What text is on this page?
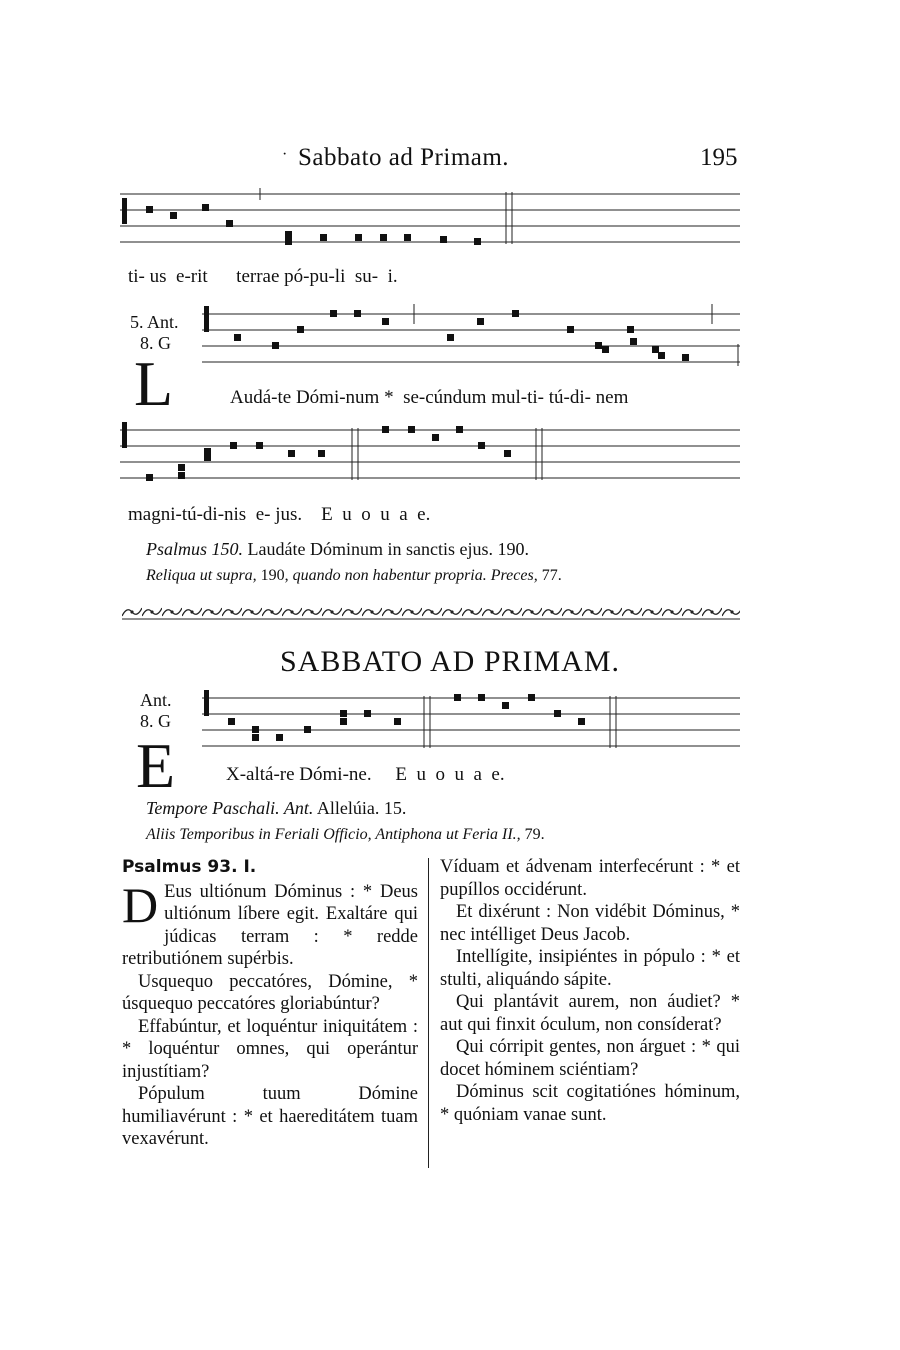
· Sabbato ad Primam.	195
ti- us  e-rit      terrae pó-pu-li  su-  i.
5. Ant.
8. G
L	Audá-te Dómi-num *  se-cúndum mul-ti- tú-di- nem
magni-tú-di-nis  e- jus.    E  u  o  u  a  e.
Psalmus 150. Laudáte Dóminum in sanctis ejus. 190.
Reliqua ut supra, 190, quando non habentur propria. Preces, 77.
SABBATO AD PRIMAM.
Ant.
8. G
E	X-altá-re Dómi-ne.     E  u  o  u  a  e.
Tempore Paschali. Ant. Allelúia. 15.
Aliis Temporibus in Feriali Officio, Antiphona ut Feria II., 79.

Psalmus 93. I.

D Eus ultiónum Dóminus : * Deus ultiónum líbere egit. Exaltáre qui júdicas terram : * redde retributiónem supérbis.

Usquequo peccatóres, Dómine, * úsquequo peccatóres gloriabúntur?

Effabúntur, et loquéntur iniquitátem : * loquéntur omnes, qui operántur injustítiam?

Pópulum tuum Dómine humiliavérunt : * et haereditátem tuam vexavérunt.

Víduam et ádvenam interfecérunt : * et pupíllos occidérunt.

Et dixérunt : Non vidébit Dóminus, * nec intélliget Deus Jacob.

Intellígite, insipiéntes in pópulo : * et stulti, aliquándo sápite.

Qui plantávit aurem, non áudiet? * aut qui finxit óculum, non consíderat?

Qui córripit gentes, non árguet : * qui docet hóminem sciéntiam?

Dóminus scit cogitatiónes hóminum, * quóniam vanae sunt.
